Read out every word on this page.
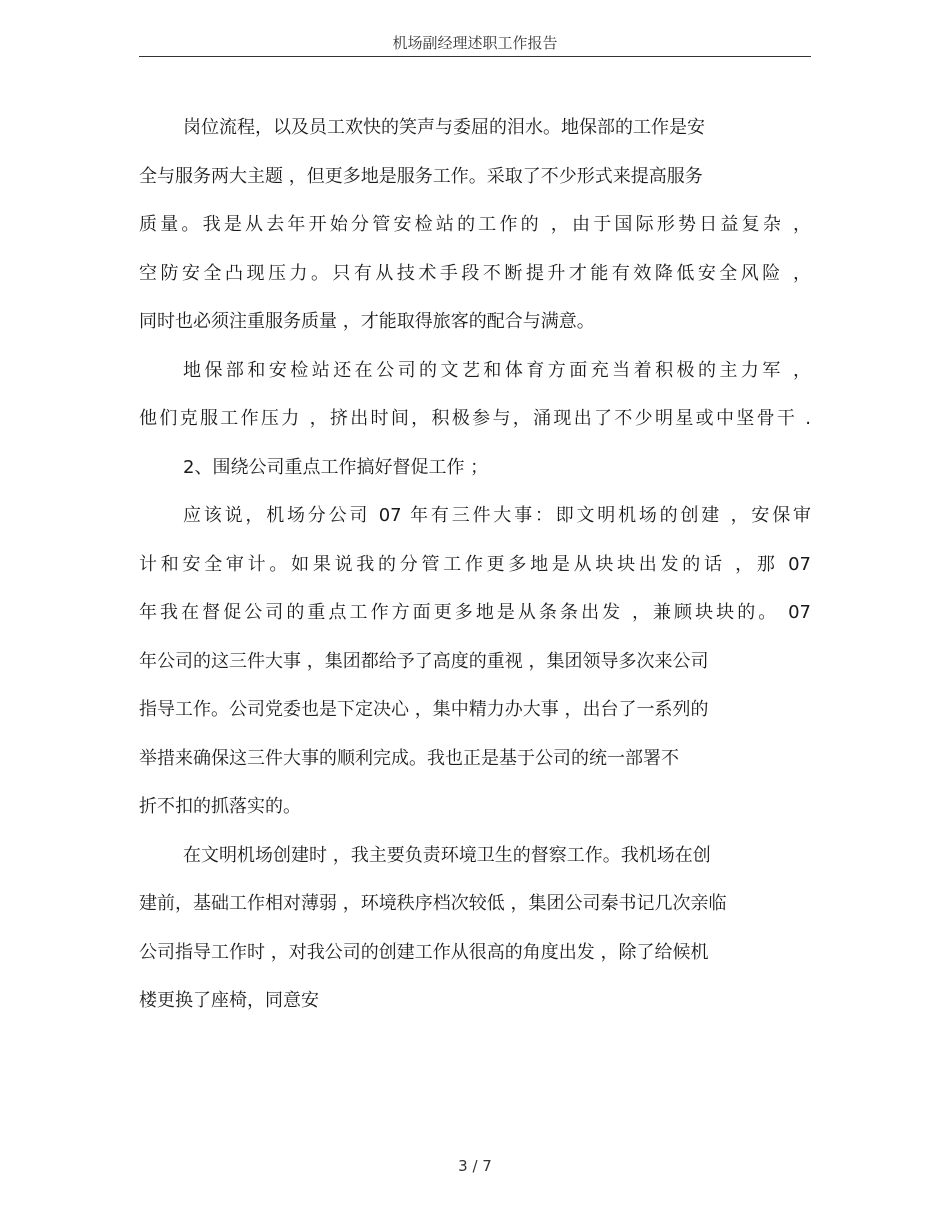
机场副经理述职工作报告
岗位流程，以及员工欢快的笑声与委屈的泪水。地保部的工作是安
全与服务两大主题 ，但更多地是服务工作。采取了不少形式来提高服务
质量。我是从去年开始分管安检站的工作的 ，由于国际形势日益复杂 ，
空防安全凸现压力。只有从技术手段不断提升才能有效降低安全风险 ，
同时也必须注重服务质量 ，才能取得旅客的配合与满意。
地保部和安检站还在公司的文艺和体育方面充当着积极的主力军 ，
他们克服工作压力 ，挤出时间，积极参与，涌现出了不少明星或中坚骨干 .
2、围绕公司重点工作搞好督促工作 ；
应该说，机场分公司 07 年有三件大事：即文明机场的创建 ，安保审
计和安全审计。如果说我的分管工作更多地是从块块出发的话 ，那 07
年我在督促公司的重点工作方面更多地是从条条出发 ，兼顾块块的。 07
年公司的这三件大事 ，集团都给予了高度的重视 ，集团领导多次来公司
指导工作。公司党委也是下定决心 ，集中精力办大事 ，出台了一系列的
举措来确保这三件大事的顺利完成。我也正是基于公司的统一部署不
折不扣的抓落实的。
在文明机场创建时 ，我主要负责环境卫生的督察工作。我机场在创
建前，基础工作相对薄弱 ，环境秩序档次较低 ，集团公司秦书记几次亲临
公司指导工作时 ，对我公司的创建工作从很高的角度出发 ，除了给候机
楼更换了座椅，同意安
3 / 7
